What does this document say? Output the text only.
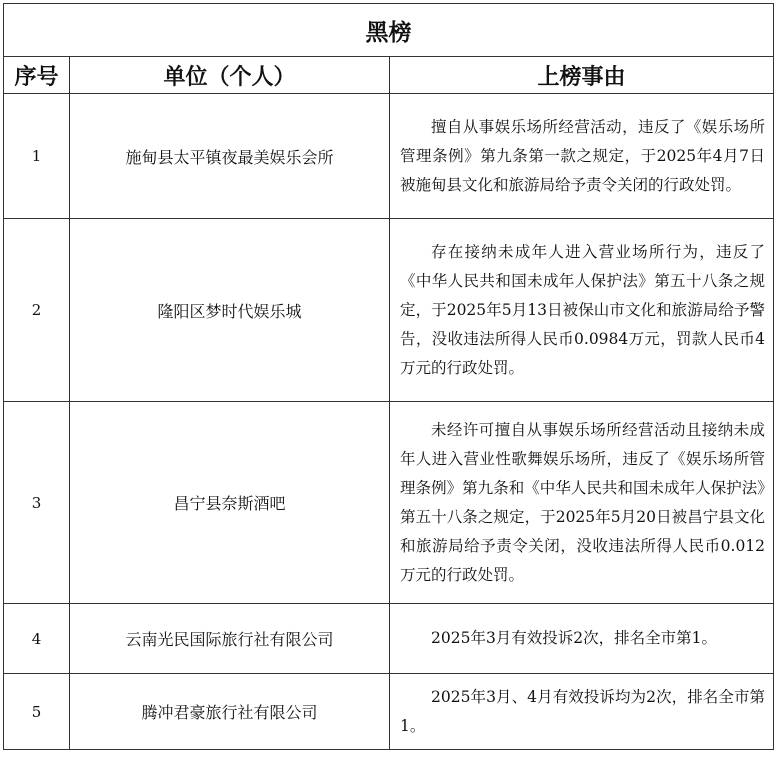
黑榜		
序号	单位（个人）	上榜事由
1	施甸县太平镇夜最美娱乐会所	擅自从事娱乐场所经营活动，违反了《娱乐场所管理条例》第九条第一款之规定，于2025年4月7日被施甸县文化和旅游局给予责令关闭的行政处罚。
2	隆阳区梦时代娱乐城	存在接纳未成年人进入营业场所行为，违反了《中华人民共和国未成年人保护法》第五十八条之规定，于2025年5月13日被保山市文化和旅游局给予警告，没收违法所得人民币0.0984万元，罚款人民币4万元的行政处罚。
3	昌宁县奈斯酒吧	未经许可擅自从事娱乐场所经营活动且接纳未成年人进入营业性歌舞娱乐场所，违反了《娱乐场所管理条例》第九条和《中华人民共和国未成年人保护法》第五十八条之规定，于2025年5月20日被昌宁县文化和旅游局给予责令关闭，没收违法所得人民币0.012万元的行政处罚。
4	云南光民国际旅行社有限公司	2025年3月有效投诉2次，排名全市第1。
5	腾冲君豪旅行社有限公司	2025年3月、4月有效投诉均为2次，排名全市第1。
